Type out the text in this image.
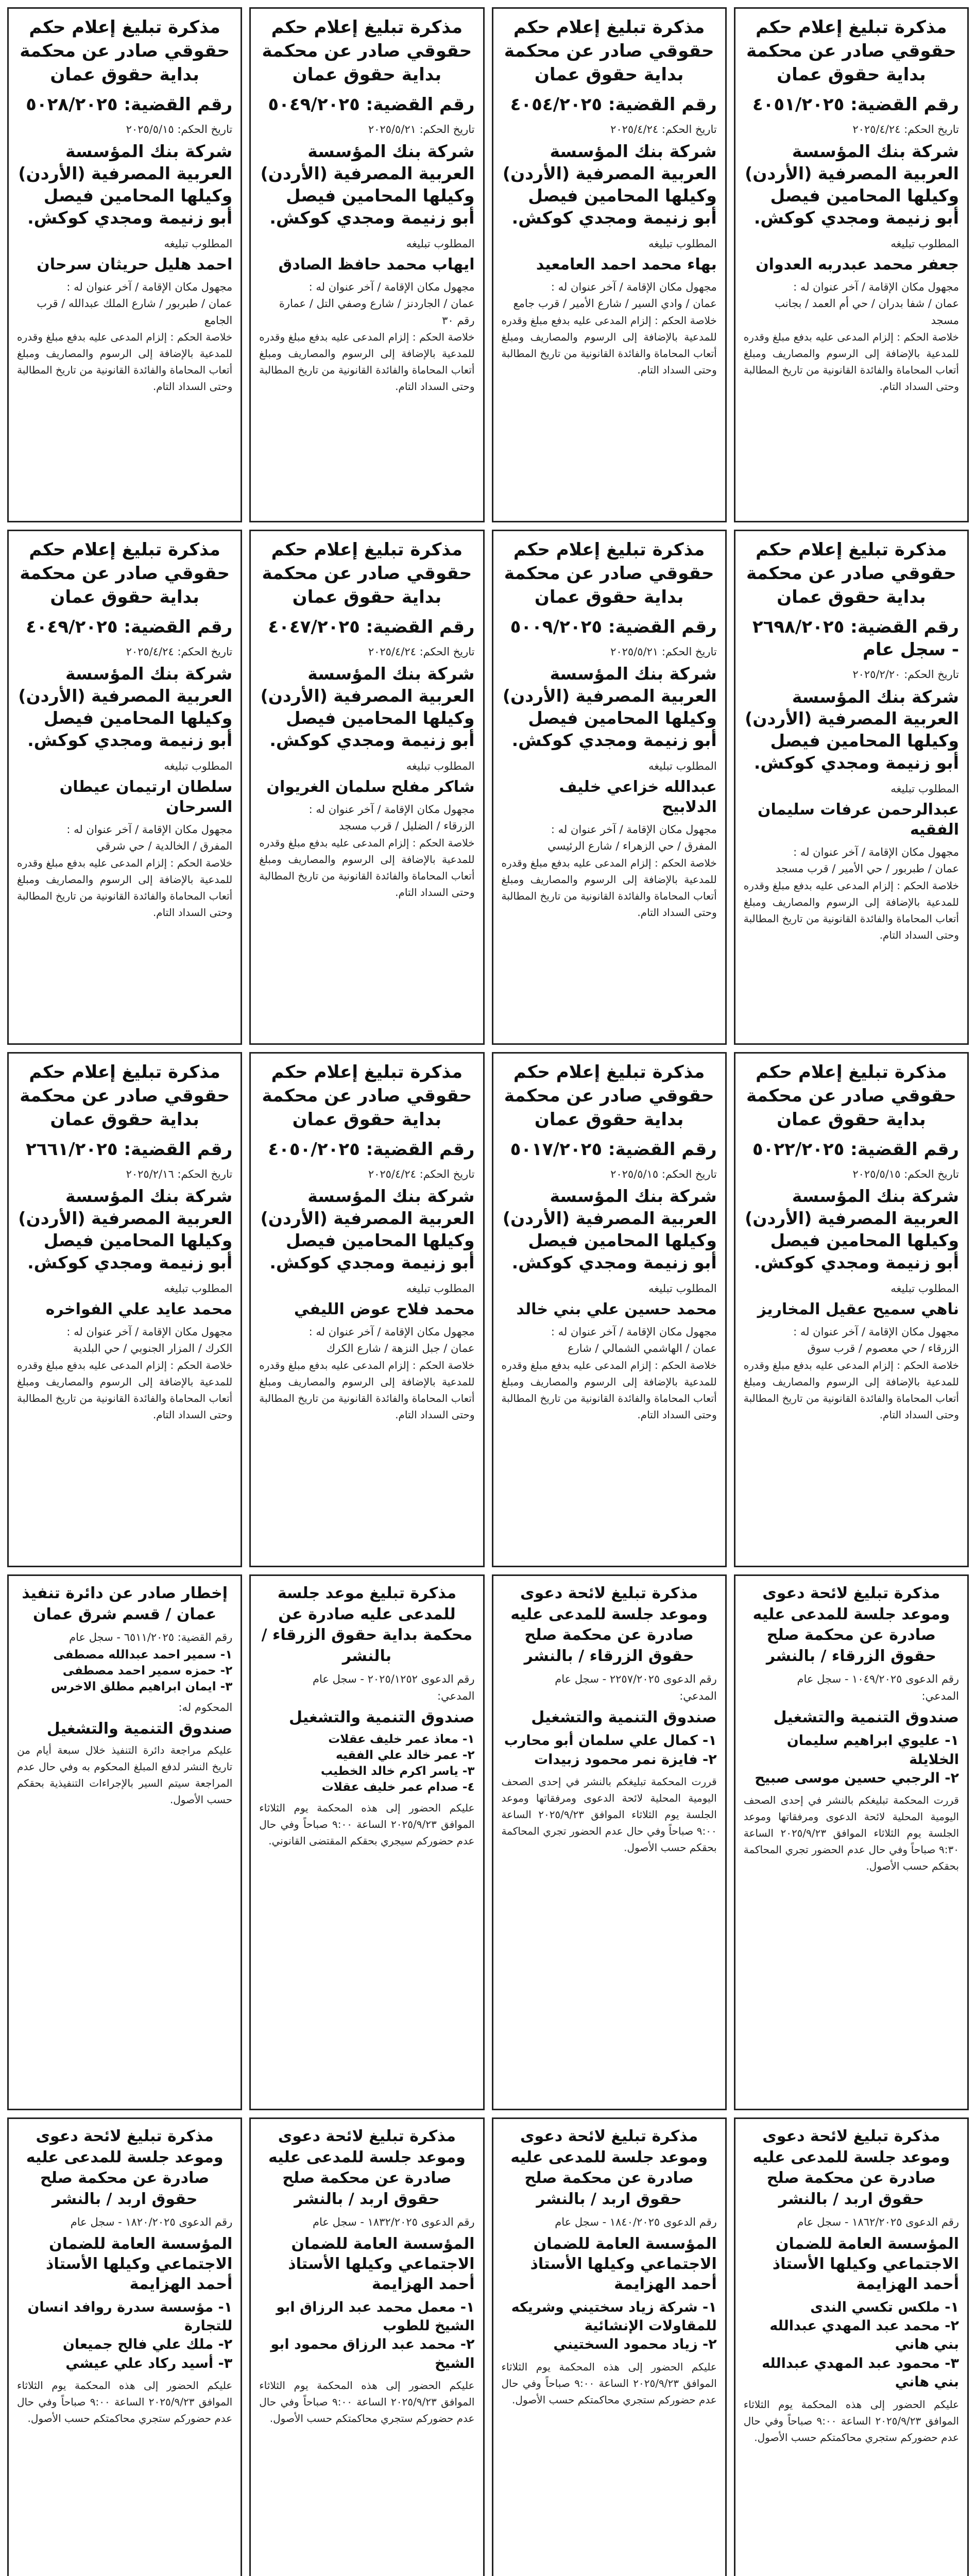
مذكرة تبليغ إعلام حكم حقوقي صادر عن محكمة بداية حقوق عمان
رقم القضية: ٤٠٥١/٢٠٢٥
تاريخ الحكم: ٢٠٢٥/٤/٢٤
شركة بنك المؤسسة العربية المصرفية (الأردن) وكيلها المحامين فيصل أبو زنيمة ومجدي كوكش.
المطلوب تبليغه
جعفر محمد عبدربه العدوان
مجهول مكان الإقامة / آخر عنوان له :
عمان / شفا بدران / حي أم العمد / بجانب مسجد
خلاصة الحكم : إلزام المدعى عليه بدفع مبلغ وقدره للمدعية بالإضافة إلى الرسوم والمصاريف ومبلغ أتعاب المحاماة والفائدة القانونية من تاريخ المطالبة وحتى السداد التام.
مذكرة تبليغ إعلام حكم حقوقي صادر عن محكمة بداية حقوق عمان
رقم القضية: ٤٠٥٤/٢٠٢٥
تاريخ الحكم: ٢٠٢٥/٤/٢٤
شركة بنك المؤسسة العربية المصرفية (الأردن) وكيلها المحامين فيصل أبو زنيمة ومجدي كوكش.
المطلوب تبليغه
بهاء محمد احمد العامعيد
مجهول مكان الإقامة / آخر عنوان له :
عمان / وادي السير / شارع الأمير / قرب جامع
خلاصة الحكم : إلزام المدعى عليه بدفع مبلغ وقدره للمدعية بالإضافة إلى الرسوم والمصاريف ومبلغ أتعاب المحاماة والفائدة القانونية من تاريخ المطالبة وحتى السداد التام.
مذكرة تبليغ إعلام حكم حقوقي صادر عن محكمة بداية حقوق عمان
رقم القضية: ٥٠٤٩/٢٠٢٥
تاريخ الحكم: ٢٠٢٥/٥/٢١
شركة بنك المؤسسة العربية المصرفية (الأردن) وكيلها المحامين فيصل أبو زنيمة ومجدي كوكش.
المطلوب تبليغه
ايهاب محمد حافظ الصادق
مجهول مكان الإقامة / آخر عنوان له :
عمان / الجاردنز / شارع وصفي التل / عمارة رقم ٣٠
خلاصة الحكم : إلزام المدعى عليه بدفع مبلغ وقدره للمدعية بالإضافة إلى الرسوم والمصاريف ومبلغ أتعاب المحاماة والفائدة القانونية من تاريخ المطالبة وحتى السداد التام.
مذكرة تبليغ إعلام حكم حقوقي صادر عن محكمة بداية حقوق عمان
رقم القضية: ٥٠٢٨/٢٠٢٥
تاريخ الحكم: ٢٠٢٥/٥/١٥
شركة بنك المؤسسة العربية المصرفية (الأردن) وكيلها المحامين فيصل أبو زنيمة ومجدي كوكش.
المطلوب تبليغه
احمد هليل حريثان سرحان
مجهول مكان الإقامة / آخر عنوان له :
عمان / طبربور / شارع الملك عبدالله / قرب الجامع
خلاصة الحكم : إلزام المدعى عليه بدفع مبلغ وقدره للمدعية بالإضافة إلى الرسوم والمصاريف ومبلغ أتعاب المحاماة والفائدة القانونية من تاريخ المطالبة وحتى السداد التام.
مذكرة تبليغ إعلام حكم حقوقي صادر عن محكمة بداية حقوق عمان
رقم القضية: ٢٦٩٨/٢٠٢٥ - سجل عام
تاريخ الحكم: ٢٠٢٥/٢/٢٠
شركة بنك المؤسسة العربية المصرفية (الأردن) وكيلها المحامين فيصل أبو زنيمة ومجدي كوكش.
المطلوب تبليغه
عبدالرحمن عرفات سليمان الفقيه
مجهول مكان الإقامة / آخر عنوان له :
عمان / طبربور / حي الأمير / قرب مسجد
خلاصة الحكم : إلزام المدعى عليه بدفع مبلغ وقدره للمدعية بالإضافة إلى الرسوم والمصاريف ومبلغ أتعاب المحاماة والفائدة القانونية من تاريخ المطالبة وحتى السداد التام.
مذكرة تبليغ إعلام حكم حقوقي صادر عن محكمة بداية حقوق عمان
رقم القضية: ٥٠٠٩/٢٠٢٥
تاريخ الحكم: ٢٠٢٥/٥/٢١
شركة بنك المؤسسة العربية المصرفية (الأردن) وكيلها المحامين فيصل أبو زنيمة ومجدي كوكش.
المطلوب تبليغه
عبدالله خزاعي خليف الدلابيح
مجهول مكان الإقامة / آخر عنوان له :
المفرق / حي الزهراء / شارع الرئيسي
خلاصة الحكم : إلزام المدعى عليه بدفع مبلغ وقدره للمدعية بالإضافة إلى الرسوم والمصاريف ومبلغ أتعاب المحاماة والفائدة القانونية من تاريخ المطالبة وحتى السداد التام.
مذكرة تبليغ إعلام حكم حقوقي صادر عن محكمة بداية حقوق عمان
رقم القضية: ٤٠٤٧/٢٠٢٥
تاريخ الحكم: ٢٠٢٥/٤/٢٤
شركة بنك المؤسسة العربية المصرفية (الأردن) وكيلها المحامين فيصل أبو زنيمة ومجدي كوكش.
المطلوب تبليغه
شاكر مفلح سلمان الغريوان
مجهول مكان الإقامة / آخر عنوان له :
الزرقاء / الضليل / قرب مسجد
خلاصة الحكم : إلزام المدعى عليه بدفع مبلغ وقدره للمدعية بالإضافة إلى الرسوم والمصاريف ومبلغ أتعاب المحاماة والفائدة القانونية من تاريخ المطالبة وحتى السداد التام.
مذكرة تبليغ إعلام حكم حقوقي صادر عن محكمة بداية حقوق عمان
رقم القضية: ٤٠٤٩/٢٠٢٥
تاريخ الحكم: ٢٠٢٥/٤/٢٤
شركة بنك المؤسسة العربية المصرفية (الأردن) وكيلها المحامين فيصل أبو زنيمة ومجدي كوكش.
المطلوب تبليغه
سلطان ارتيمان عيطان السرحان
مجهول مكان الإقامة / آخر عنوان له :
المفرق / الخالدية / حي شرقي
خلاصة الحكم : إلزام المدعى عليه بدفع مبلغ وقدره للمدعية بالإضافة إلى الرسوم والمصاريف ومبلغ أتعاب المحاماة والفائدة القانونية من تاريخ المطالبة وحتى السداد التام.
مذكرة تبليغ إعلام حكم حقوقي صادر عن محكمة بداية حقوق عمان
رقم القضية: ٥٠٢٢/٢٠٢٥
تاريخ الحكم: ٢٠٢٥/٥/١٥
شركة بنك المؤسسة العربية المصرفية (الأردن) وكيلها المحامين فيصل أبو زنيمة ومجدي كوكش.
المطلوب تبليغه
ناهي سميح عقيل المخاريز
مجهول مكان الإقامة / آخر عنوان له :
الزرقاء / حي معصوم / قرب سوق
خلاصة الحكم : إلزام المدعى عليه بدفع مبلغ وقدره للمدعية بالإضافة إلى الرسوم والمصاريف ومبلغ أتعاب المحاماة والفائدة القانونية من تاريخ المطالبة وحتى السداد التام.
مذكرة تبليغ إعلام حكم حقوقي صادر عن محكمة بداية حقوق عمان
رقم القضية: ٥٠١٧/٢٠٢٥
تاريخ الحكم: ٢٠٢٥/٥/١٥
شركة بنك المؤسسة العربية المصرفية (الأردن) وكيلها المحامين فيصل أبو زنيمة ومجدي كوكش.
المطلوب تبليغه
محمد حسين علي بني خالد
مجهول مكان الإقامة / آخر عنوان له :
عمان / الهاشمي الشمالي / شارع
خلاصة الحكم : إلزام المدعى عليه بدفع مبلغ وقدره للمدعية بالإضافة إلى الرسوم والمصاريف ومبلغ أتعاب المحاماة والفائدة القانونية من تاريخ المطالبة وحتى السداد التام.
مذكرة تبليغ إعلام حكم حقوقي صادر عن محكمة بداية حقوق عمان
رقم القضية: ٤٠٥٠/٢٠٢٥
تاريخ الحكم: ٢٠٢٥/٤/٢٤
شركة بنك المؤسسة العربية المصرفية (الأردن) وكيلها المحامين فيصل أبو زنيمة ومجدي كوكش.
المطلوب تبليغه
محمد فلاح عوض الليفي
مجهول مكان الإقامة / آخر عنوان له :
عمان / جبل النزهة / شارع الكرك
خلاصة الحكم : إلزام المدعى عليه بدفع مبلغ وقدره للمدعية بالإضافة إلى الرسوم والمصاريف ومبلغ أتعاب المحاماة والفائدة القانونية من تاريخ المطالبة وحتى السداد التام.
مذكرة تبليغ إعلام حكم حقوقي صادر عن محكمة بداية حقوق عمان
رقم القضية: ٢٦٦١/٢٠٢٥
تاريخ الحكم: ٢٠٢٥/٢/١٦
شركة بنك المؤسسة العربية المصرفية (الأردن) وكيلها المحامين فيصل أبو زنيمة ومجدي كوكش.
المطلوب تبليغه
محمد عايد علي الفواخره
مجهول مكان الإقامة / آخر عنوان له :
الكرك / المزار الجنوبي / حي البلدية
خلاصة الحكم : إلزام المدعى عليه بدفع مبلغ وقدره للمدعية بالإضافة إلى الرسوم والمصاريف ومبلغ أتعاب المحاماة والفائدة القانونية من تاريخ المطالبة وحتى السداد التام.
مذكرة تبليغ لائحة دعوى وموعد جلسة للمدعى عليه صادرة عن محكمة صلح حقوق الزرقاء / بالنشر
رقم الدعوى ١٠٤٩/٢٠٢٥ - سجل عام
المدعي:
صندوق التنمية والتشغيل
١- عليوي ابراهيم سليمان الخلايلة
٢- الرجبي حسين موسى صبيح
قررت المحكمة تبليغكم بالنشر في إحدى الصحف اليومية المحلية لائحة الدعوى ومرفقاتها وموعد الجلسة يوم الثلاثاء الموافق ٢٠٢٥/٩/٢٣ الساعة ٩:٣٠ صباحاً وفي حال عدم الحضور تجري المحاكمة بحقكم حسب الأصول.
مذكرة تبليغ لائحة دعوى وموعد جلسة للمدعى عليه صادرة عن محكمة صلح حقوق الزرقاء / بالنشر
رقم الدعوى ٢٢٥٧/٢٠٢٥ - سجل عام
المدعي:
صندوق التنمية والتشغيل
١- كمال علي سلمان أبو محارب
٢- فايزة نمر محمود زبيدات
قررت المحكمة تبليغكم بالنشر في إحدى الصحف اليومية المحلية لائحة الدعوى ومرفقاتها وموعد الجلسة يوم الثلاثاء الموافق ٢٠٢٥/٩/٢٣ الساعة ٩:٠٠ صباحاً وفي حال عدم الحضور تجري المحاكمة بحقكم حسب الأصول.
مذكرة تبليغ موعد جلسة للمدعى عليه صادرة عن محكمة بداية حقوق الزرقاء / بالنشر
رقم الدعوى ٢٠٢٥/١٢٥٢ - سجل عام
المدعي:
صندوق التنمية والتشغيل
١- معاذ عمر خليف عقلات
٢- عمر خالد علي الفقيه
٣- ياسر اكرم خالد الخطيب
٤- صدام عمر خليف عقلات
عليكم الحضور إلى هذه المحكمة يوم الثلاثاء الموافق ٢٠٢٥/٩/٢٣ الساعة ٩:٠٠ صباحاً وفي حال عدم حضوركم سيجري بحقكم المقتضى القانوني.
إخطار صادر عن دائرة تنفيذ عمان / قسم شرق عمان
رقم القضية: ٦٥١١/٢٠٢٥ - سجل عام
١- سمير احمد عبدالله مصطفى
٢- حمزه سمير احمد مصطفى
٣- ايمان ابراهيم مطلق الاخرس
المحكوم له:
صندوق التنمية والتشغيل
عليكم مراجعة دائرة التنفيذ خلال سبعة أيام من تاريخ النشر لدفع المبلغ المحكوم به وفي حال عدم المراجعة سيتم السير بالإجراءات التنفيذية بحقكم حسب الأصول.
مذكرة تبليغ لائحة دعوى وموعد جلسة للمدعى عليه صادرة عن محكمة صلح حقوق اربد / بالنشر
رقم الدعوى ١٨٦٢/٢٠٢٥ - سجل عام
المؤسسة العامة للضمان الاجتماعي وكيلها الأستاذ أحمد الهزايمة
١- ملكس تكسي الندى
٢- محمد عبد المهدي عبدالله بني هاني
٣- محمود عبد المهدي عبدالله بني هاني
عليكم الحضور إلى هذه المحكمة يوم الثلاثاء الموافق ٢٠٢٥/٩/٢٣ الساعة ٩:٠٠ صباحاً وفي حال عدم حضوركم ستجري محاكمتكم حسب الأصول.
مذكرة تبليغ لائحة دعوى وموعد جلسة للمدعى عليه صادرة عن محكمة صلح حقوق اربد / بالنشر
رقم الدعوى ١٨٤٠/٢٠٢٥ - سجل عام
المؤسسة العامة للضمان الاجتماعي وكيلها الأستاذ أحمد الهزايمة
١- شركة زياد سختيني وشريكه للمقاولات الإنشائية
٢- زياد محمود السختيني
عليكم الحضور إلى هذه المحكمة يوم الثلاثاء الموافق ٢٠٢٥/٩/٢٣ الساعة ٩:٠٠ صباحاً وفي حال عدم حضوركم ستجري محاكمتكم حسب الأصول.
مذكرة تبليغ لائحة دعوى وموعد جلسة للمدعى عليه صادرة عن محكمة صلح حقوق اربد / بالنشر
رقم الدعوى ١٨٣٢/٢٠٢٥ - سجل عام
المؤسسة العامة للضمان الاجتماعي وكيلها الأستاذ أحمد الهزايمة
١- معمل محمد عبد الرزاق ابو الشيخ للطوب
٢- محمد عبد الرزاق محمود ابو الشيخ
عليكم الحضور إلى هذه المحكمة يوم الثلاثاء الموافق ٢٠٢٥/٩/٢٣ الساعة ٩:٠٠ صباحاً وفي حال عدم حضوركم ستجري محاكمتكم حسب الأصول.
مذكرة تبليغ لائحة دعوى وموعد جلسة للمدعى عليه صادرة عن محكمة صلح حقوق اربد / بالنشر
رقم الدعوى ١٨٢٠/٢٠٢٥ - سجل عام
المؤسسة العامة للضمان الاجتماعي وكيلها الأستاذ أحمد الهزايمة
١- مؤسسة سدرة روافد انسان للتجارة
٢- ملك علي فالح جميعان
٣- أسيد ركاد علي عيشي
عليكم الحضور إلى هذه المحكمة يوم الثلاثاء الموافق ٢٠٢٥/٩/٢٣ الساعة ٩:٠٠ صباحاً وفي حال عدم حضوركم ستجري محاكمتكم حسب الأصول.
